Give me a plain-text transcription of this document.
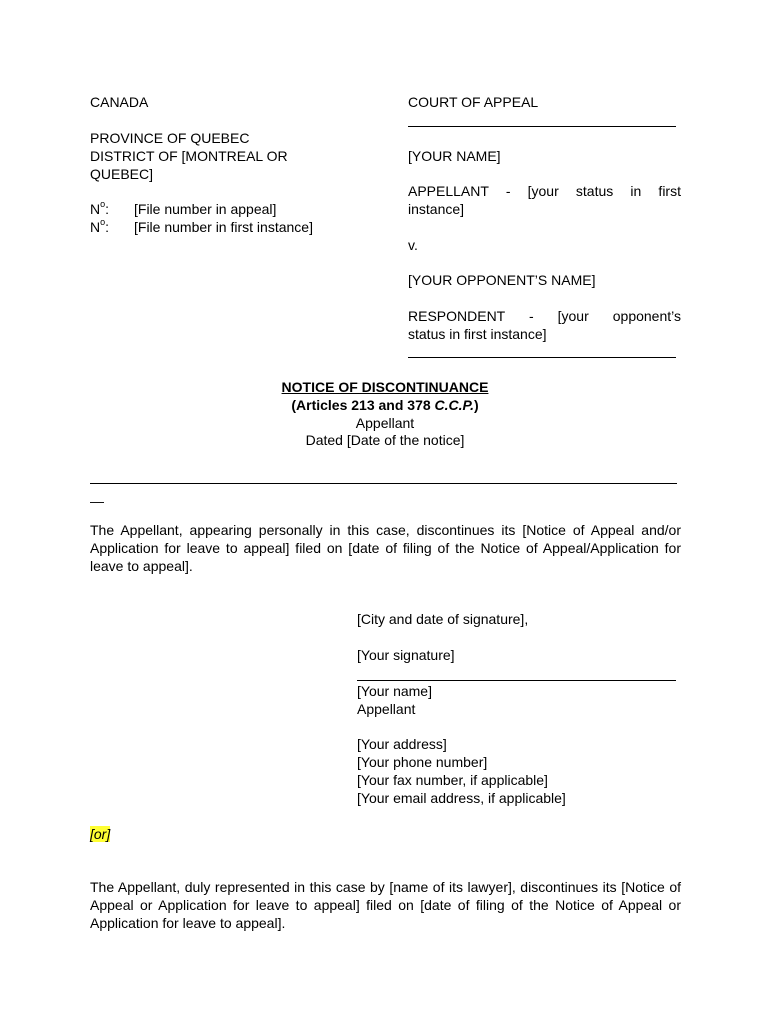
CANADA
PROVINCE OF QUEBEC
DISTRICT OF [MONTREAL OR
QUEBEC]
$N^o$: [File number in appeal]
$N^o$: [File number in first instance]
COURT OF APPEAL
[YOUR NAME]
APPELLANT - [your status in first
instance]
v.
[YOUR OPPONENT’S NAME]
RESPONDENT - [your opponent’s
status in first instance]
NOTICE OF DISCONTINUANCE
(Articles 213 and 378 C.C.P.)
Appellant
Dated [Date of the notice]
—
The Appellant, appearing personally in this case, discontinues its [Notice of Appeal and/or Application for leave to appeal] filed on [date of filing of the Notice of Appeal/Application for leave to appeal].
[City and date of signature],
[Your signature]
[Your name]
Appellant
[Your address]
[Your phone number]
[Your fax number, if applicable]
[Your email address, if applicable]
[or]
The Appellant, duly represented in this case by [name of its lawyer], discontinues its [Notice of Appeal or Application for leave to appeal] filed on [date of filing of the Notice of Appeal or Application for leave to appeal].
